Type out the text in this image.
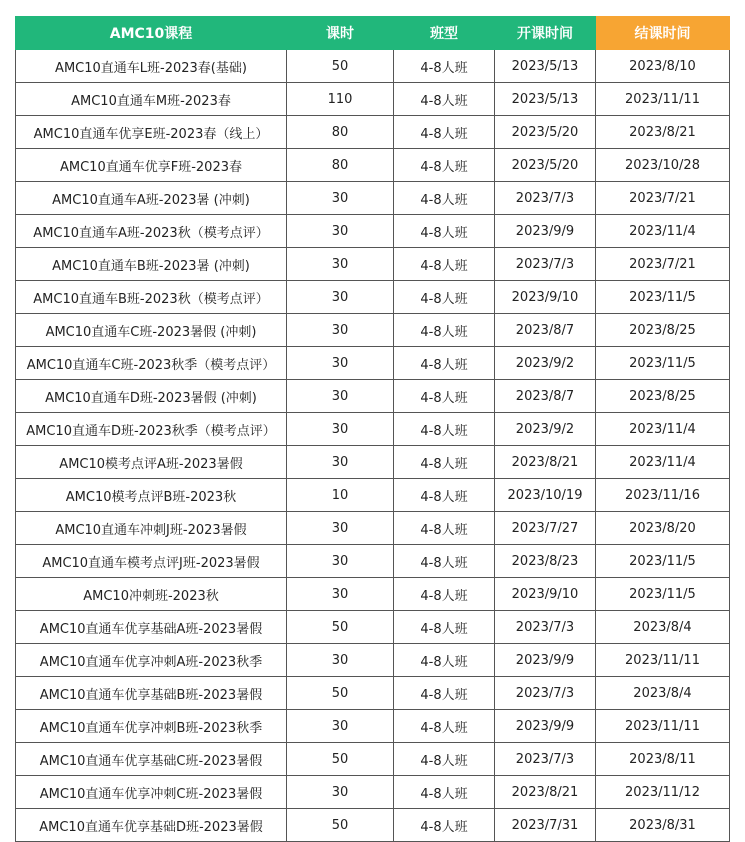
AMC10课程	课时	班型	开课时间	结课时间
AMC10直通车L班-2023春(基础)	50	4-8人班	2023/5/13	2023/8/10
AMC10直通车M班-2023春	110	4-8人班	2023/5/13	2023/11/11
AMC10直通车优享E班-2023春（线上）	80	4-8人班	2023/5/20	2023/8/21
AMC10直通车优享F班-2023春	80	4-8人班	2023/5/20	2023/10/28
AMC10直通车A班-2023暑 (冲刺)	30	4-8人班	2023/7/3	2023/7/21
AMC10直通车A班-2023秋（模考点评）	30	4-8人班	2023/9/9	2023/11/4
AMC10直通车B班-2023暑 (冲刺)	30	4-8人班	2023/7/3	2023/7/21
AMC10直通车B班-2023秋（模考点评）	30	4-8人班	2023/9/10	2023/11/5
AMC10直通车C班-2023暑假 (冲刺)	30	4-8人班	2023/8/7	2023/8/25
AMC10直通车C班-2023秋季（模考点评）	30	4-8人班	2023/9/2	2023/11/5
AMC10直通车D班-2023暑假 (冲刺)	30	4-8人班	2023/8/7	2023/8/25
AMC10直通车D班-2023秋季（模考点评）	30	4-8人班	2023/9/2	2023/11/4
AMC10模考点评A班-2023暑假	30	4-8人班	2023/8/21	2023/11/4
AMC10模考点评B班-2023秋	10	4-8人班	2023/10/19	2023/11/16
AMC10直通车冲刺J班-2023暑假	30	4-8人班	2023/7/27	2023/8/20
AMC10直通车模考点评J班-2023暑假	30	4-8人班	2023/8/23	2023/11/5
AMC10冲刺班-2023秋	30	4-8人班	2023/9/10	2023/11/5
AMC10直通车优享基础A班-2023暑假	50	4-8人班	2023/7/3	2023/8/4
AMC10直通车优享冲刺A班-2023秋季	30	4-8人班	2023/9/9	2023/11/11
AMC10直通车优享基础B班-2023暑假	50	4-8人班	2023/7/3	2023/8/4
AMC10直通车优享冲刺B班-2023秋季	30	4-8人班	2023/9/9	2023/11/11
AMC10直通车优享基础C班-2023暑假	50	4-8人班	2023/7/3	2023/8/11
AMC10直通车优享冲刺C班-2023暑假	30	4-8人班	2023/8/21	2023/11/12
AMC10直通车优享基础D班-2023暑假	50	4-8人班	2023/7/31	2023/8/31
